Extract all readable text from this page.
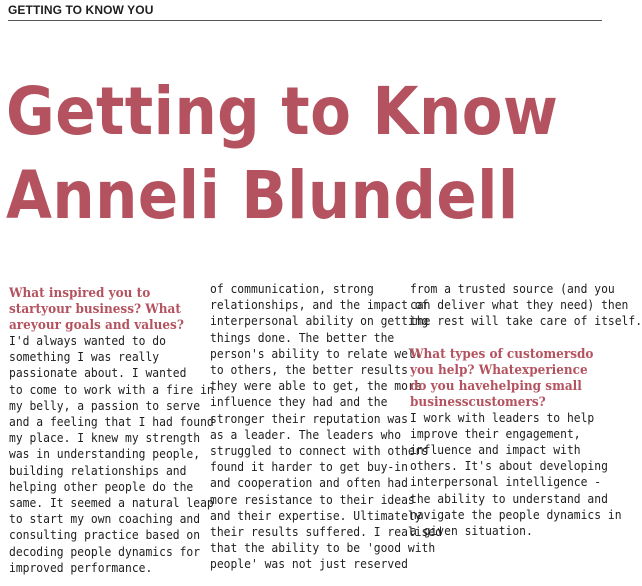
GETTING TO KNOW YOU
Getting to Know
Anneli Blundell
What inspired you to startyour business? What areyour goals and values?
I'd always wanted to do
something I was really
passionate about. I wanted
to come to work with a fire in
my belly, a passion to serve
and a feeling that I had found
my place. I knew my strength
was in understanding people,
building relationships and
helping other people do the
same. It seemed a natural leap
to start my own coaching and
consulting practice based on
decoding people dynamics for
improved performance.
of communication, strong
relationships, and the impact of
interpersonal ability on getting
things done. The better the
person's ability to relate well
to others, the better results
they were able to get, the more
influence they had and the
stronger their reputation was
as a leader. The leaders who
struggled to connect with others
found it harder to get buy-in
and cooperation and often had
more resistance to their ideas
and their expertise. Ultimately
their results suffered. I realised
that the ability to be 'good with
people' was not just reserved
from a trusted source (and you
can deliver what they need) then
the rest will take care of itself.
What types of customersdo you help? Whatexperience do you havehelping small businesscustomers?
I work with leaders to help
improve their engagement,
influence and impact with
others. It's about developing
interpersonal intelligence -
the ability to understand and
navigate the people dynamics in
a given situation.
